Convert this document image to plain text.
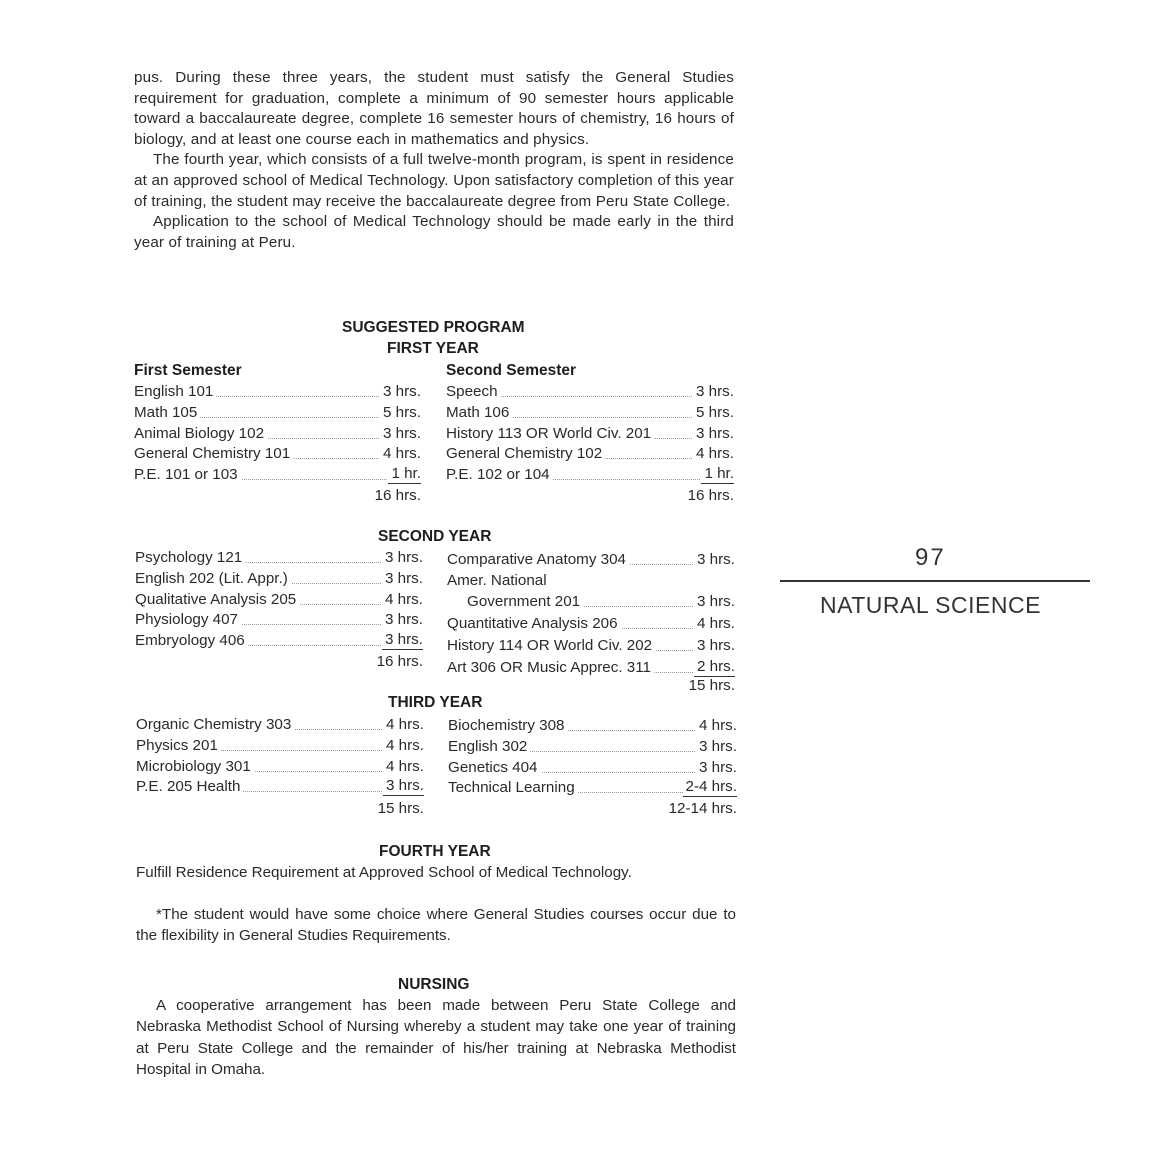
pus. During these three years, the student must satisfy the General Studies requirement for graduation, complete a minimum of 90 semester hours applicable toward a baccalaureate degree, complete 16 semester hours of chemistry, 16 hours of biology, and at least one course each in mathematics and physics.

The fourth year, which consists of a full twelve-month program, is spent in residence at an approved school of Medical Technology. Upon satisfactory completion of this year of training, the student may receive the baccalaureate degree from Peru State College.

Application to the school of Medical Technology should be made early in the third year of training at Peru.

SUGGESTED PROGRAM
FIRST YEAR
First Semester	Second Semester
SECOND YEAR
THIRD YEAR
FOURTH YEAR
English 101	3 hrs.
Math 105	5 hrs.
Animal Biology 102	3 hrs.
General Chemistry 101	4 hrs.
P.E. 101 or 103	1 hr.
16 hrs.
Speech	3 hrs.
Math 106	5 hrs.
History 113 OR World Civ. 201	3 hrs.
General Chemistry 102	4 hrs.
P.E. 102 or 104	1 hr.
16 hrs.
Psychology 121	3 hrs.
English 202 (Lit. Appr.)	3 hrs.
Qualitative Analysis 205	4 hrs.
Physiology 407	3 hrs.
Embryology 406	3 hrs.
16 hrs.
Comparative Anatomy 304	3 hrs.
Amer. National
Government 201	3 hrs.
Quantitative Analysis 206	4 hrs.
History 114 OR World Civ. 202	3 hrs.
Art 306 OR Music Apprec. 311	2 hrs.
15 hrs.
Organic Chemistry 303	4 hrs.
Physics 201	4 hrs.
Microbiology 301	4 hrs.
P.E. 205 Health	3 hrs.
15 hrs.
Biochemistry 308	4 hrs.
English 302	3 hrs.
Genetics 404	3 hrs.
Technical Learning	2-4 hrs.
12-14 hrs.
Fulfill Residence Requirement at Approved School of Medical Technology.
*The student would have some choice where General Studies courses occur due to the flexibility in General Studies Requirements.
NURSING
A cooperative arrangement has been made between Peru State College and Nebraska Methodist School of Nursing whereby a student may take one year of training at Peru State College and the remainder of his/her training at Nebraska Methodist Hospital in Omaha.
97
NATURAL SCIENCE
